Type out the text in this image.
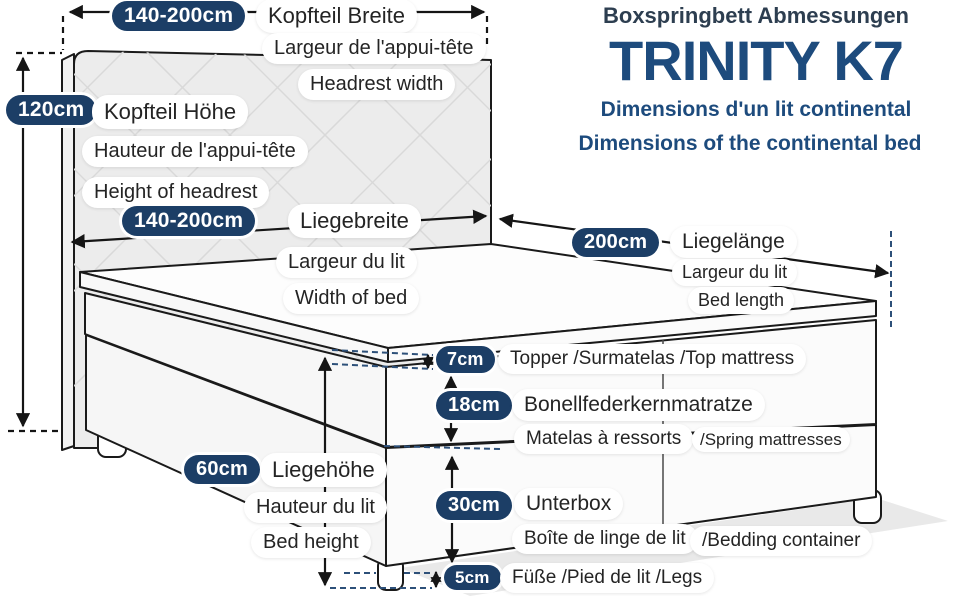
Boxspringbett Abmessungen
TRINITY K7
Dimensions d'un lit continental
Dimensions of the continental bed
140-200cm	Kopfteil Breite
Largeur de l'appui-tête
Headrest width
120cm Kopfteil Höhe
Hauteur de l'appui-tête
Height of headrest
140-200cm	Liegebreite
Largeur du lit
Width of bed
200cm	Liegelänge
Largeur du lit
Bed length
7cm	Topper /Surmatelas /Top mattress
18cm	Bonellfederkernmatratze
Matelas à ressorts	/Spring mattresses
60cm	Liegehöhe
Hauteur du lit
Bed height
30cm	Unterbox
Boîte de linge de lit /Bedding container
5cm	Füße /Pied de lit /Legs
